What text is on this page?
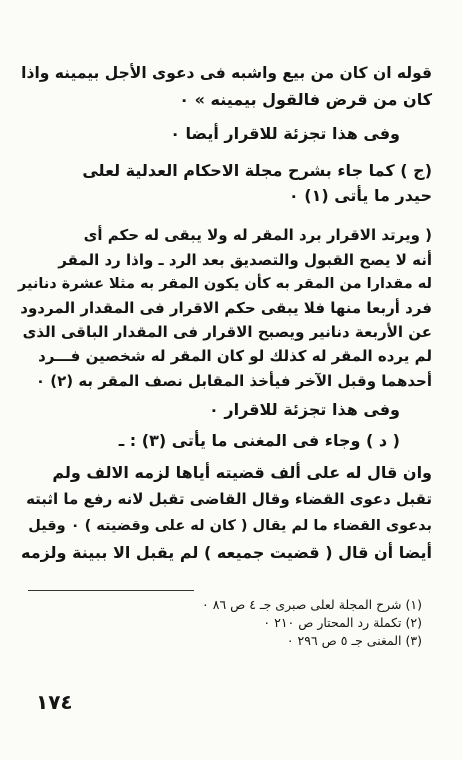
قوله ان كان من بيع واشبه فى دعوى الأجل بيمينه واذا
كان من قرض فالقول بيمينه » ٠
وفى هذا تجزئة للاقرار أيضا ٠
(ج ) كما جاء بشرح مجلة الاحكام العدلية لعلى
حيدر ما يأتى (١) ٠
( ويرتد الاقرار برد المقر له ولا يبقى له حكم أى
أنه لا يصح القبول والتصديق بعد الرد ـ واذا رد المقر
له مقدارا من المقر به كأن يكون المقر به مثلا عشرة دنانير
فرد أربعا منها فلا يبقى حكم الاقرار فى المقدار المردود
عن الأربعة دنانير ويصبح الاقرار فى المقدار الباقى الذى
لم يرده المقر له كذلك لو كان المقر له شخصين فـــرد
أحدهما وقبل الآخر فيأخذ المقابل نصف المقر به (٢) ٠
وفى هذا تجزئة للاقرار ٠
( د ) وجاء فى المغنى ما يأتى (٣) : ـ
وان قال له على ألف قضيته أياها لزمه الالف ولم
تقبل دعوى القضاء وقال القاضى تقبل لانه رفع ما اثبته
بدعوى القضاء ما لم يقال ( كان له على وقضيته ) ٠ وقيل
أيضا أن قال ( قضيت جميعه ) لم يقبل الا ببينة ولزمه
(١) شرح المجلة لعلى صبرى جـ ٤ ص ٨٦ ٠
(٢) تكملة رد المحتار ص ٢١٠ ٠
(٣) المغنى جـ ٥ ص ٢٩٦ ٠
١٧٤
